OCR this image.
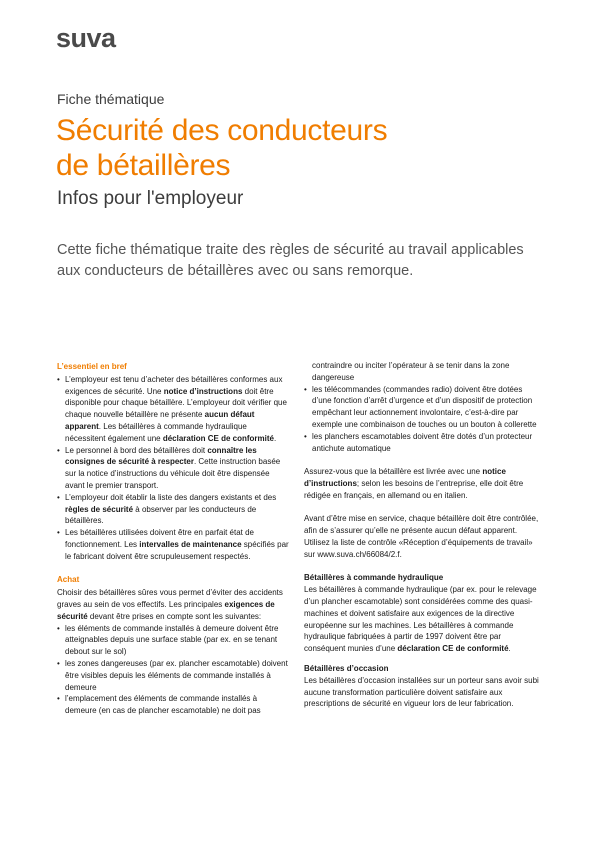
suva
Fiche thématique
Sécurité des conducteurs
de bétaillères
Infos pour l'employeur

Cette fiche thématique traite des règles de sécurité au travail applicables aux conducteurs de bétaillères avec ou sans remorque.

L’essentiel en bref
• L’employeur est tenu d’acheter des bétaillères conformes aux exigences de sécurité. Une notice d’instructions doit être disponible pour chaque bétaillère. L’employeur doit vérifier que chaque nouvelle bétaillère ne présente aucun défaut apparent. Les bétaillères à commande hydraulique nécessitent également une déclaration CE de conformité.
• Le personnel à bord des bétaillères doit connaître les consignes de sécurité à respecter. Cette instruction basée sur la notice d’instructions du véhicule doit être dispensée avant le premier transport.
• L’employeur doit établir la liste des dangers existants et des règles de sécurité à observer par les conducteurs de bétaillères.
• Les bétaillères utilisées doivent être en parfait état de fonctionnement. Les intervalles de maintenance spécifiés par le fabricant doivent être scrupuleusement respectés.
Achat

Choisir des bétaillères sûres vous permet d’éviter des accidents graves au sein de vos effectifs. Les principales exigences de sécurité devant être prises en compte sont les suivantes:

• les éléments de commande installés à demeure doivent être atteignables depuis une surface stable (par ex. en se tenant debout sur le sol)
• les zones dangereuses (par ex. plancher escamotable) doivent être visibles depuis les éléments de commande installés à demeure
• l’emplacement des éléments de commande installés à demeure (en cas de plancher escamotable) ne doit pas
contraindre ou inciter l’opérateur à se tenir dans la zone dangereuse
• les télécommandes (commandes radio) doivent être dotées d’une fonction d’arrêt d’urgence et d’un dispositif de protection empêchant leur actionnement involontaire, c’est-à-dire par exemple une combinaison de touches ou un bouton à collerette
• les planchers escamotables doivent être dotés d’un protecteur antichute automatique

Assurez-vous que la bétaillère est livrée avec une notice d’instructions; selon les besoins de l’entreprise, elle doit être rédigée en français, en allemand ou en italien.

Avant d’être mise en service, chaque bétaillère doit être contrôlée, afin de s’assurer qu’elle ne présente aucun défaut apparent. Utilisez la liste de contrôle «Réception d’équipements de travail» sur www.suva.ch/66084/2.f.

Bétaillères à commande hydraulique

Les bétaillères à commande hydraulique (par ex. pour le relevage d’un plancher escamotable) sont considérées comme des quasi-machines et doivent satisfaire aux exigences de la directive européenne sur les machines. Les bétaillères à commande hydraulique fabriquées à partir de 1997 doivent être par conséquent munies d’une déclaration CE de conformité.

Bétaillères d’occasion

Les bétaillères d’occasion installées sur un porteur sans avoir subi aucune transformation particulière doivent satisfaire aux prescriptions de sécurité en vigueur lors de leur fabrication.
